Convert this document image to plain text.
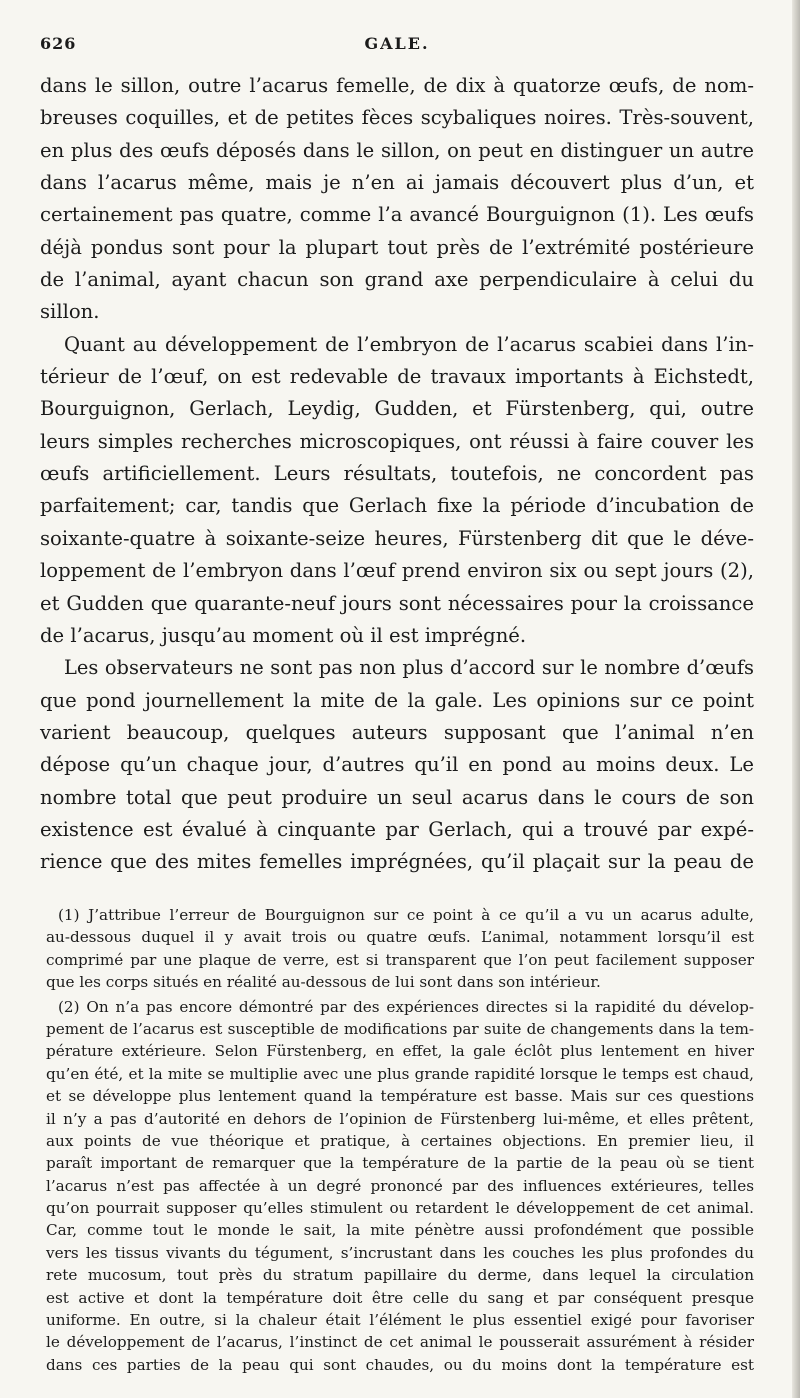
626	GALE.
dans le sillon, outre l’acarus femelle, de dix à quatorze œufs, de nom-
breuses coquilles, et de petites fèces scybaliques noires. Très-souvent,
en plus des œufs déposés dans le sillon, on peut en distinguer un autre
dans l’acarus même, mais je n’en ai jamais découvert plus d’un, et
certainement pas quatre, comme l’a avancé Bourguignon (1). Les œufs
déjà pondus sont pour la plupart tout près de l’extrémité postérieure
de l’animal, ayant chacun son grand axe perpendiculaire à celui du
sillon.
Quant au développement de l’embryon de l’acarus scabiei dans l’in-
térieur de l’œuf, on est redevable de travaux importants à Eichstedt,
Bourguignon, Gerlach, Leydig, Gudden, et Fürstenberg, qui, outre
leurs simples recherches microscopiques, ont réussi à faire couver les
œufs artificiellement. Leurs résultats, toutefois, ne concordent pas
parfaitement; car, tandis que Gerlach fixe la période d’incubation de
soixante-quatre à soixante-seize heures, Fürstenberg dit que le déve-
loppement de l’embryon dans l’œuf prend environ six ou sept jours (2),
et Gudden que quarante-neuf jours sont nécessaires pour la croissance
de l’acarus, jusqu’au moment où il est imprégné.
Les observateurs ne sont pas non plus d’accord sur le nombre d’œufs
que pond journellement la mite de la gale. Les opinions sur ce point
varient beaucoup, quelques auteurs supposant que l’animal n’en
dépose qu’un chaque jour, d’autres qu’il en pond au moins deux. Le
nombre total que peut produire un seul acarus dans le cours de son
existence est évalué à cinquante par Gerlach, qui a trouvé par expé-
rience que des mites femelles imprégnées, qu’il plaçait sur la peau de
(1) J’attribue l’erreur de Bourguignon sur ce point à ce qu’il a vu un acarus adulte,
au-dessous duquel il y avait trois ou quatre œufs. L’animal, notamment lorsqu’il est
comprimé par une plaque de verre, est si transparent que l’on peut facilement supposer
que les corps situés en réalité au-dessous de lui sont dans son intérieur.
(2) On n’a pas encore démontré par des expériences directes si la rapidité du dévelop-
pement de l’acarus est susceptible de modifications par suite de changements dans la tem-
pérature extérieure. Selon Fürstenberg, en effet, la gale éclôt plus lentement en hiver
qu’en été, et la mite se multiplie avec une plus grande rapidité lorsque le temps est chaud,
et se développe plus lentement quand la température est basse. Mais sur ces questions
il n’y a pas d’autorité en dehors de l’opinion de Fürstenberg lui-même, et elles prêtent,
aux points de vue théorique et pratique, à certaines objections. En premier lieu, il
paraît important de remarquer que la température de la partie de la peau où se tient
l’acarus n’est pas affectée à un degré prononcé par des influences extérieures, telles
qu’on pourrait supposer qu’elles stimulent ou retardent le développement de cet animal.
Car, comme tout le monde le sait, la mite pénètre aussi profondément que possible
vers les tissus vivants du tégument, s’incrustant dans les couches les plus profondes du
rete mucosum, tout près du stratum papillaire du derme, dans lequel la circulation
est active et dont la température doit être celle du sang et par conséquent presque
uniforme. En outre, si la chaleur était l’élément le plus essentiel exigé pour favoriser
le développement de l’acarus, l’instinct de cet animal le pousserait assurément à résider
dans ces parties de la peau qui sont chaudes, ou du moins dont la température est
